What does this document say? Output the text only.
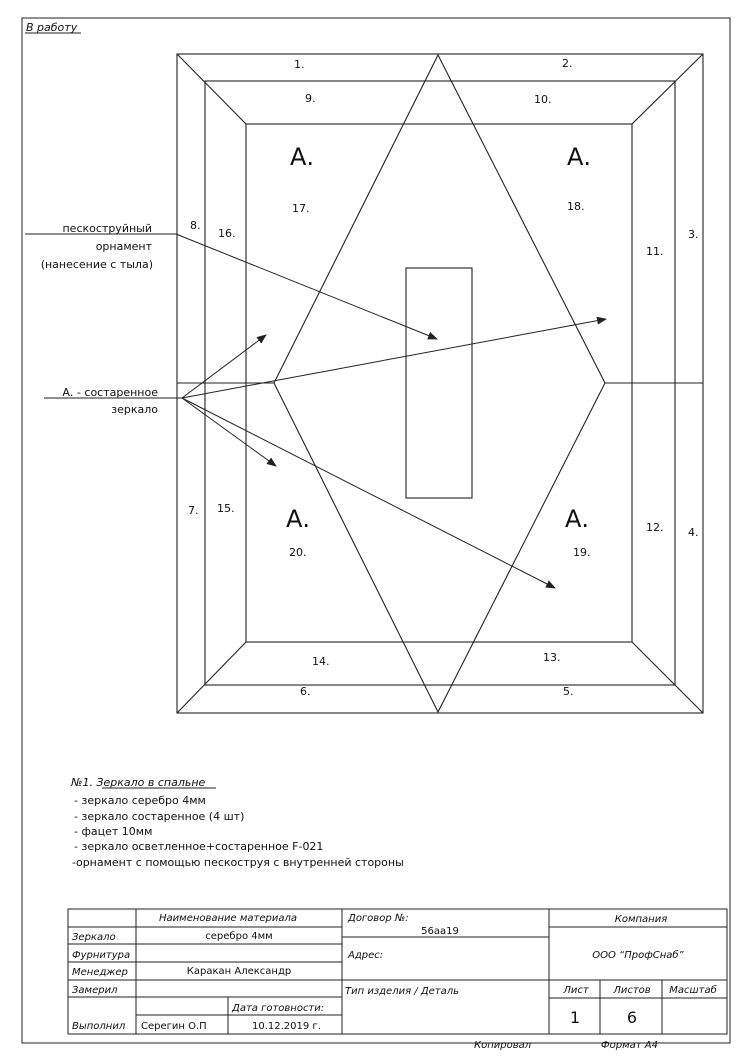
В работу
1.	2.
3.
4.
5.
6.
7.
8.
9.	10.
11.
12.
13.
14.
15.
16.
17.	18.
19.
20.
А.	А.
А.	А.
пескоструйный
орнамент
(нанесение с тыла)
А. - состаренное
зеркало
№1. Зеркало в спальне
- зеркало серебро 4мм
- зеркало состаренное (4 шт)
- фацет 10мм
- зеркало осветленное+состаренное F-021
-орнамент с помощью пескоструя с внутренней стороны
Наименование материала
Зеркало	серебро 4мм
Фурнитура
Менеджер	Каракан Александр
Замерил
Дата готовности:
Выполнил Серегин О.П	10.12.2019 г.
Договор №:
56аа19
Адрес:
Тип изделия / Деталь
Компания
ООО “ПрофСнаб”
Лист Листов Масштаб
1	6
Копировал	Формат А4
